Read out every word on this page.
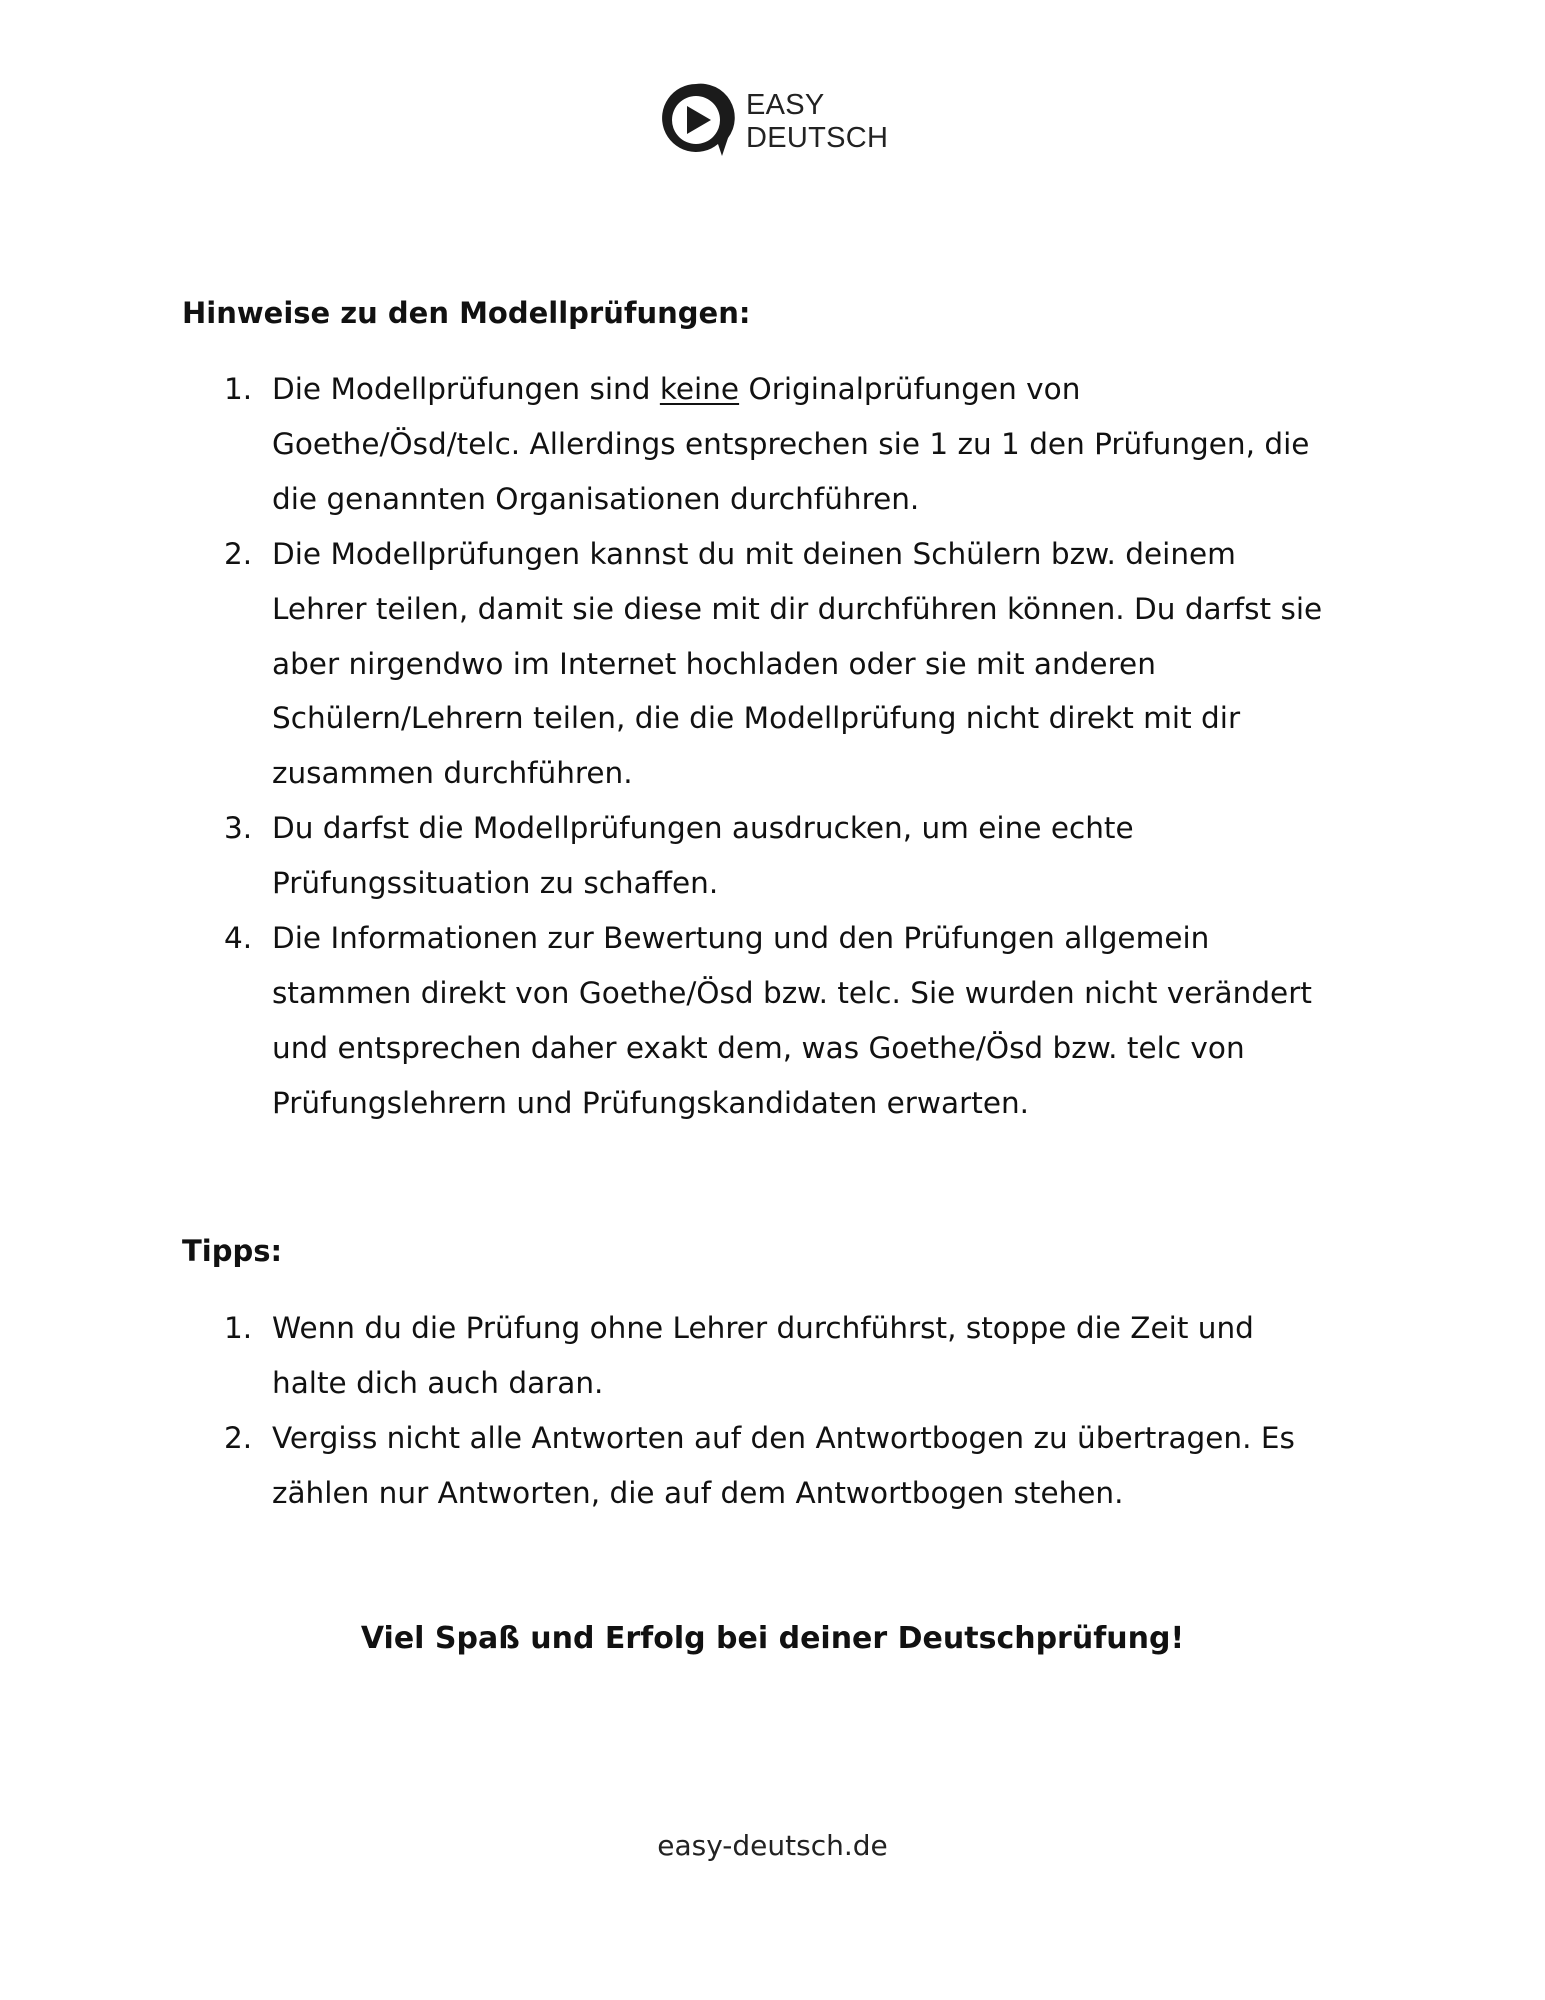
EASY
DEUTSCH
Hinweise zu den Modellprüfungen:
1. Die Modellprüfungen sind keine Originalprüfungen von
Goethe/Ösd/telc. Allerdings entsprechen sie 1 zu 1 den Prüfungen, die
die genannten Organisationen durchführen.
2. Die Modellprüfungen kannst du mit deinen Schülern bzw. deinem
Lehrer teilen, damit sie diese mit dir durchführen können. Du darfst sie
aber nirgendwo im Internet hochladen oder sie mit anderen
Schülern/Lehrern teilen, die die Modellprüfung nicht direkt mit dir
zusammen durchführen.
3. Du darfst die Modellprüfungen ausdrucken, um eine echte
Prüfungssituation zu schaffen.
4. Die Informationen zur Bewertung und den Prüfungen allgemein
stammen direkt von Goethe/Ösd bzw. telc. Sie wurden nicht verändert
und entsprechen daher exakt dem, was Goethe/Ösd bzw. telc von
Prüfungslehrern und Prüfungskandidaten erwarten.
Tipps:
1. Wenn du die Prüfung ohne Lehrer durchführst, stoppe die Zeit und
halte dich auch daran.
2. Vergiss nicht alle Antworten auf den Antwortbogen zu übertragen. Es
zählen nur Antworten, die auf dem Antwortbogen stehen.
Viel Spaß und Erfolg bei deiner Deutschprüfung!
easy-deutsch.de
